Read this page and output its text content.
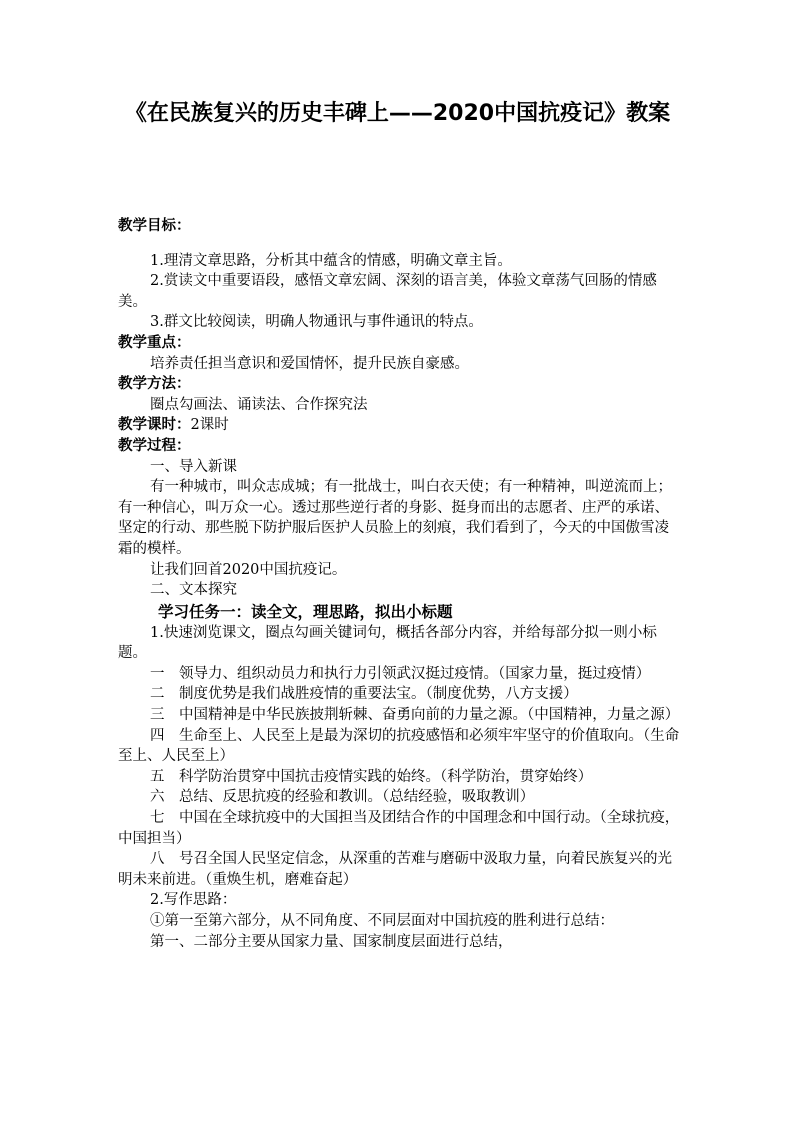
《在民族复兴的历史丰碑上——2020中国抗疫记》教案

教学目标：

1.理清文章思路，分析其中蕴含的情感，明确文章主旨。

2.赏读文中重要语段，感悟文章宏阔、深刻的语言美，体验文章荡气回肠的情感美。

3.群文比较阅读，明确人物通讯与事件通讯的特点。

教学重点：

培养责任担当意识和爱国情怀，提升民族自豪感。

教学方法：

圈点勾画法、诵读法、合作探究法

教学课时：2课时

教学过程：

一、导入新课

有一种城市，叫众志成城；有一批战士，叫白衣天使；有一种精神，叫逆流而上；有一种信心，叫万众一心。透过那些逆行者的身影、挺身而出的志愿者、庄严的承诺、坚定的行动、那些脱下防护服后医护人员脸上的刻痕，我们看到了，今天的中国傲雪凌霜的模样。

让我们回首2020中国抗疫记。

二、文本探究

学习任务一：读全文，理思路，拟出小标题

1.快速浏览课文，圈点勾画关键词句，概括各部分内容，并给每部分拟一则小标题。

一　领导力、组织动员力和执行力引领武汉挺过疫情。（国家力量，挺过疫情）

二　制度优势是我们战胜疫情的重要法宝。（制度优势，八方支援）

三　中国精神是中华民族披荆斩棘、奋勇向前的力量之源。（中国精神，力量之源）

四　生命至上、人民至上是最为深切的抗疫感悟和必须牢牢坚守的价值取向。（生命至上、人民至上）

五　科学防治贯穿中国抗击疫情实践的始终。（科学防治，贯穿始终）

六　总结、反思抗疫的经验和教训。（总结经验，吸取教训）

七　中国在全球抗疫中的大国担当及团结合作的中国理念和中国行动。（全球抗疫，中国担当）

八　号召全国人民坚定信念，从深重的苦难与磨砺中汲取力量，向着民族复兴的光明未来前进。（重焕生机，磨难奋起）

2.写作思路：

①第一至第六部分，从不同角度、不同层面对中国抗疫的胜利进行总结：

第一、二部分主要从国家力量、国家制度层面进行总结，
